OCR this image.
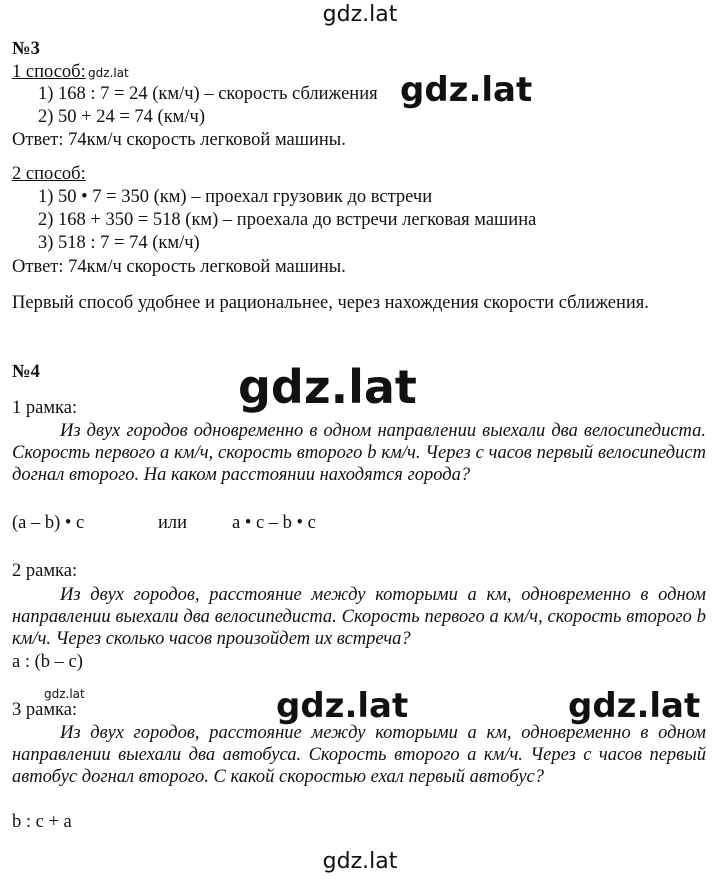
gdz.lat
№3
1 способ: gdz.lat
1) 168 : 7 = 24 (км/ч) – скорость сближения gdz.lat
2) 50 + 24 = 74 (км/ч)
Ответ: 74км/ч скорость легковой машины.
2 способ:
1) 50 • 7 = 350 (км) – проехал грузовик до встречи
2) 168 + 350 = 518 (км) – проехала до встречи легковая машина
3) 518 : 7 = 74 (км/ч)
Ответ: 74км/ч скорость легковой машины.
Первый способ удобнее и рациональнее, через нахождения скорости сближения.
№4	gdz.lat
1 рамка:
Из двух городов одновременно в одном направлении выехали два велосипедиста. Скорость первого а км/ч, скорость второго b км/ч. Через с часов первый велосипедист догнал второго. На каком расстоянии находятся города?
(a – b) • c	или a • c – b • c
2 рамка:
Из двух городов, расстояние между которыми а км, одновременно в одном направлении выехали два велосипедиста. Скорость первого а км/ч, скорость второго b км/ч. Через сколько часов произойдет их встреча?
a : (b – c)
gdz.lat
3 рамка:	gdz.lat	gdz.lat
Из двух городов, расстояние между которыми а км, одновременно в одном направлении выехали два автобуса. Скорость второго а км/ч. Через с часов первый автобус догнал второго. С какой скоростью ехал первый автобус?
b : c + a
gdz.lat
